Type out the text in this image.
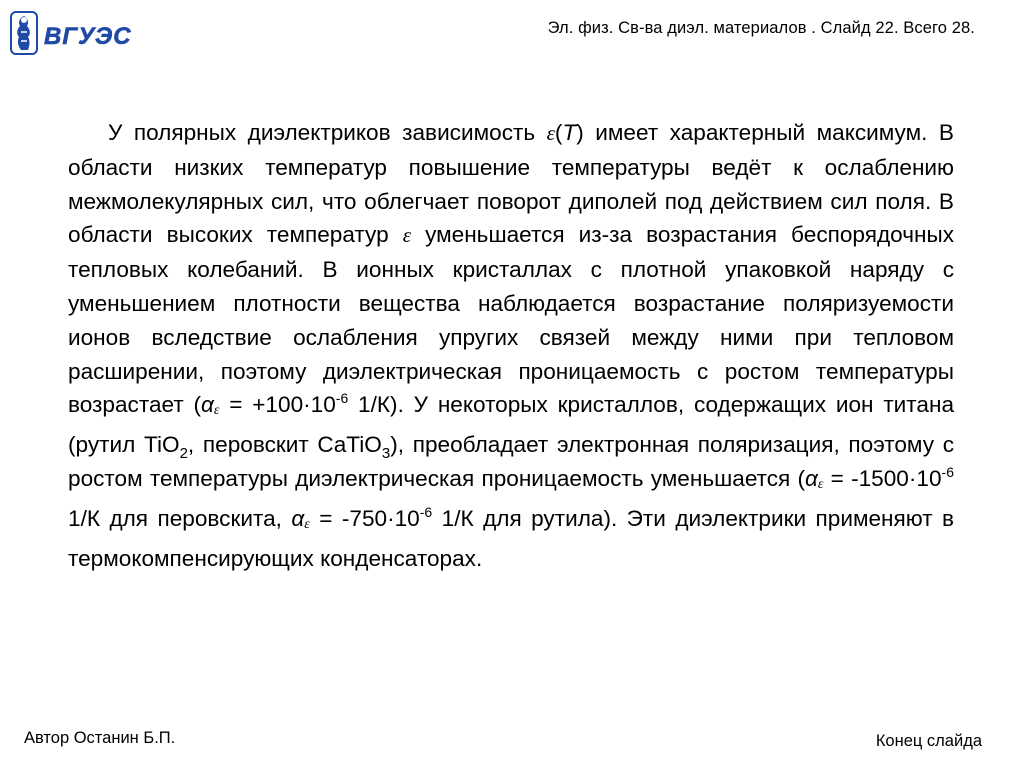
ВГУЭС	Эл. физ. Св-ва диэл. материалов . Слайд 22. Всего 28.

У полярных диэлектриков зависимость ε(T) имеет характерный максимум. В области низких температур повышение температуры ведёт к ослаблению межмолекулярных сил, что облегчает поворот диполей под действием сил поля. В области высоких температур ε уменьшается из-за возрастания беспорядочных тепловых колебаний. В ионных кристаллах с плотной упаковкой наряду с уменьшением плотности вещества наблюдается возрастание поляризуемости ионов вследствие ослабления упругих связей между ними при тепловом расширении, поэтому диэлектрическая проницаемость с ростом температуры возрастает ($\alpha\varepsilon = +100\cdot 10^{-6}$ 1/К). У некоторых кристаллов, содержащих ион титана (рутил TiO$_2$, перовскит CaTiO$_3$), преобладает электронная поляризация, поэтому с ростом температуры диэлектрическая проницаемость уменьшается ($\alpha\varepsilon = -1500\cdot 10^{-6}$ 1/К для перовскита, $\alpha\varepsilon = -750\cdot 10^{-6}$ 1/К для рутила). Эти диэлектрики применяют в термокомпенсирующих конденсаторах.

Автор Останин Б.П.	Конец слайда
